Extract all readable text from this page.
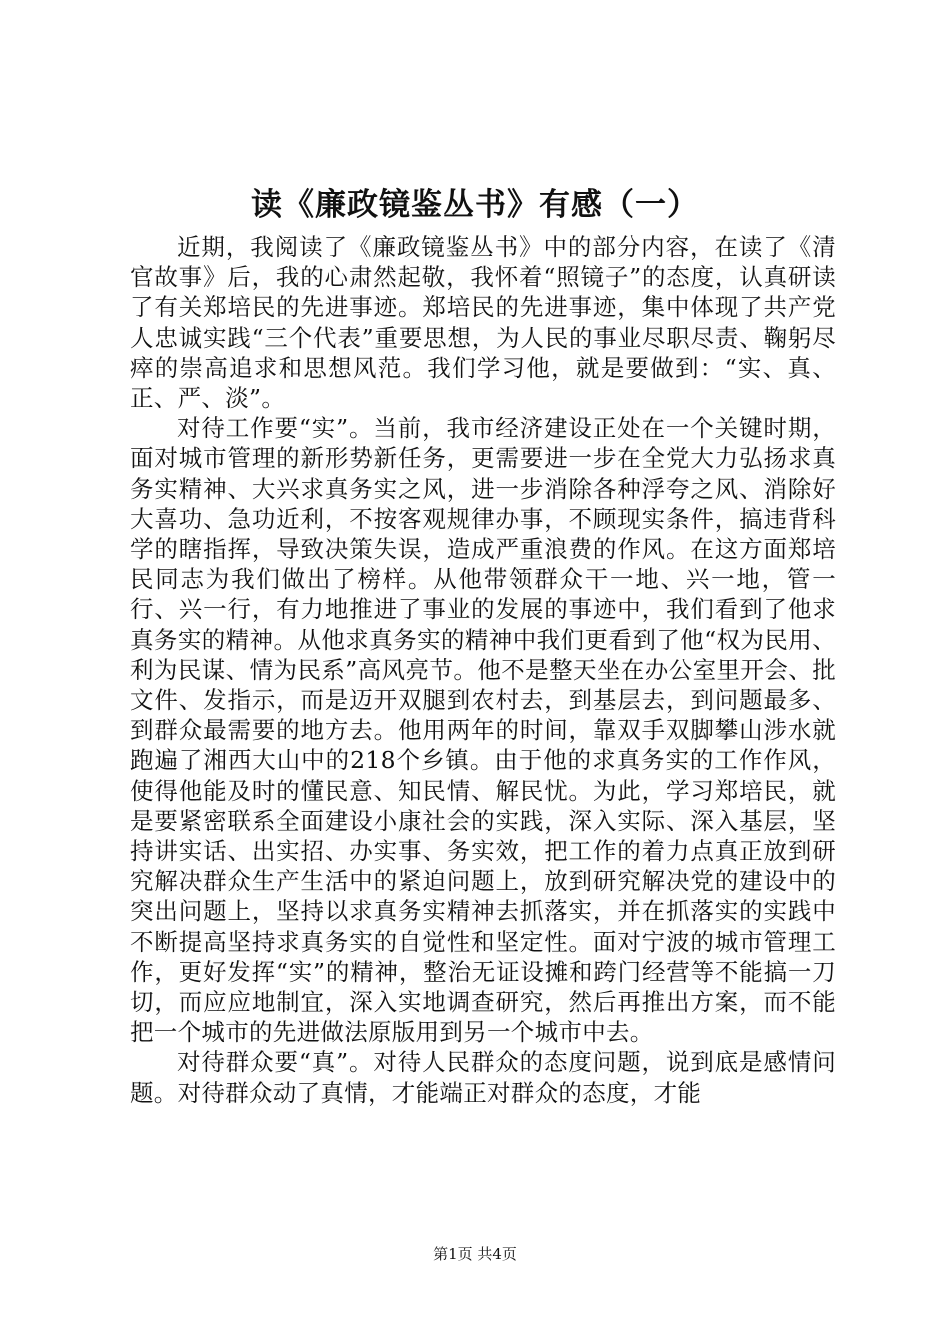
读《廉政镜鉴丛书》有感（一）

近期，我阅读了《廉政镜鉴丛书》中的部分内容，在读了《清官故事》后，我的心肃然起敬，我怀着“照镜子”的态度，认真研读了有关郑培民的先进事迹。郑培民的先进事迹，集中体现了共产党人忠诚实践“三个代表”重要思想，为人民的事业尽职尽责、鞠躬尽瘁的崇高追求和思想风范。我们学习他，就是要做到：“实、真、正、严、淡”。

对待工作要“实”。当前，我市经济建设正处在一个关键时期，面对城市管理的新形势新任务，更需要进一步在全党大力弘扬求真务实精神、大兴求真务实之风，进一步消除各种浮夸之风、消除好大喜功、急功近利，不按客观规律办事，不顾现实条件，搞违背科学的瞎指挥，导致决策失误，造成严重浪费的作风。在这方面郑培民同志为我们做出了榜样。从他带领群众干一地、兴一地，管一行、兴一行，有力地推进了事业的发展的事迹中，我们看到了他求真务实的精神。从他求真务实的精神中我们更看到了他“权为民用、利为民谋、情为民系”高风亮节。他不是整天坐在办公室里开会、批文件、发指示，而是迈开双腿到农村去，到基层去，到问题最多、到群众最需要的地方去。他用两年的时间，靠双手双脚攀山涉水就跑遍了湘西大山中的218个乡镇。由于他的求真务实的工作作风，使得他能及时的懂民意、知民情、解民忧。为此，学习郑培民，就是要紧密联系全面建设小康社会的实践，深入实际、深入基层，坚持讲实话、出实招、办实事、务实效，把工作的着力点真正放到研究解决群众生产生活中的紧迫问题上，放到研究解决党的建设中的突出问题上，坚持以求真务实精神去抓落实，并在抓落实的实践中不断提高坚持求真务实的自觉性和坚定性。面对宁波的城市管理工作，更好发挥“实”的精神，整治无证设摊和跨门经营等不能搞一刀切，而应应地制宜，深入实地调查研究，然后再推出方案，而不能把一个城市的先进做法原版用到另一个城市中去。

对待群众要“真”。对待人民群众的态度问题，说到底是感情问题。对待群众动了真情，才能端正对群众的态度，才能

第1页 共4页
